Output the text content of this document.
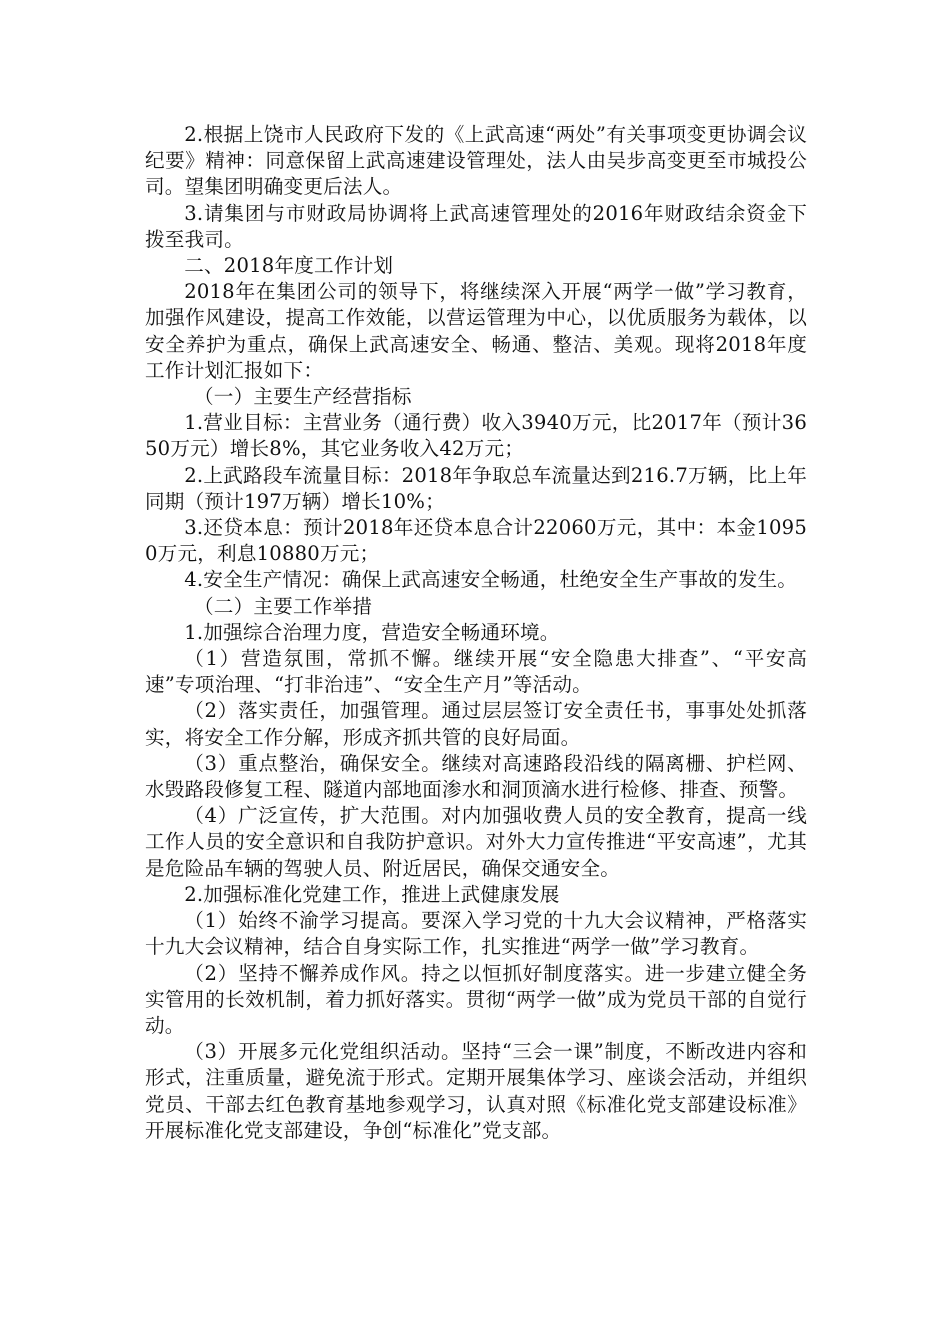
2.根据上饶市人民政府下发的《上武高速“两处”有关事项变更协调会议纪要》精神：同意保留上武高速建设管理处，法人由吴步高变更至市城投公司。望集团明确变更后法人。

3.请集团与市财政局协调将上武高速管理处的2016年财政结余资金下拨至我司。

二、2018年度工作计划

2018年在集团公司的领导下，将继续深入开展“两学一做”学习教育，加强作风建设，提高工作效能，以营运管理为中心，以优质服务为载体，以安全养护为重点，确保上武高速安全、畅通、整洁、美观。现将2018年度工作计划汇报如下：

（一）主要生产经营指标

1.营业目标：主营业务（通行费）收入3940万元，比2017年（预计3650万元）增长8%，其它业务收入42万元；

2.上武路段车流量目标：2018年争取总车流量达到216.7万辆，比上年同期（预计197万辆）增长10%；

3.还贷本息：预计2018年还贷本息合计22060万元，其中：本金10950万元，利息10880万元；

4.安全生产情况：确保上武高速安全畅通，杜绝安全生产事故的发生。

（二）主要工作举措

1.加强综合治理力度，营造安全畅通环境。

（1）营造氛围，常抓不懈。继续开展“安全隐患大排查”、“平安高速”专项治理、“打非治违”、“安全生产月”等活动。

（2）落实责任，加强管理。通过层层签订安全责任书，事事处处抓落实，将安全工作分解，形成齐抓共管的良好局面。

（3）重点整治，确保安全。继续对高速路段沿线的隔离栅、护栏网、水毁路段修复工程、隧道内部地面渗水和洞顶滴水进行检修、排查、预警。

（4）广泛宣传，扩大范围。对内加强收费人员的安全教育，提高一线工作人员的安全意识和自我防护意识。对外大力宣传推进“平安高速”，尤其是危险品车辆的驾驶人员、附近居民，确保交通安全。

2.加强标准化党建工作，推进上武健康发展

（1）始终不渝学习提高。要深入学习党的十九大会议精神，严格落实十九大会议精神，结合自身实际工作，扎实推进“两学一做”学习教育。

（2）坚持不懈养成作风。持之以恒抓好制度落实。进一步建立健全务实管用的长效机制，着力抓好落实。贯彻“两学一做”成为党员干部的自觉行动。

（3）开展多元化党组织活动。坚持“三会一课”制度，不断改进内容和形式，注重质量，避免流于形式。定期开展集体学习、座谈会活动，并组织党员、干部去红色教育基地参观学习，认真对照《标准化党支部建设标准》开展标准化党支部建设，争创“标准化”党支部。
